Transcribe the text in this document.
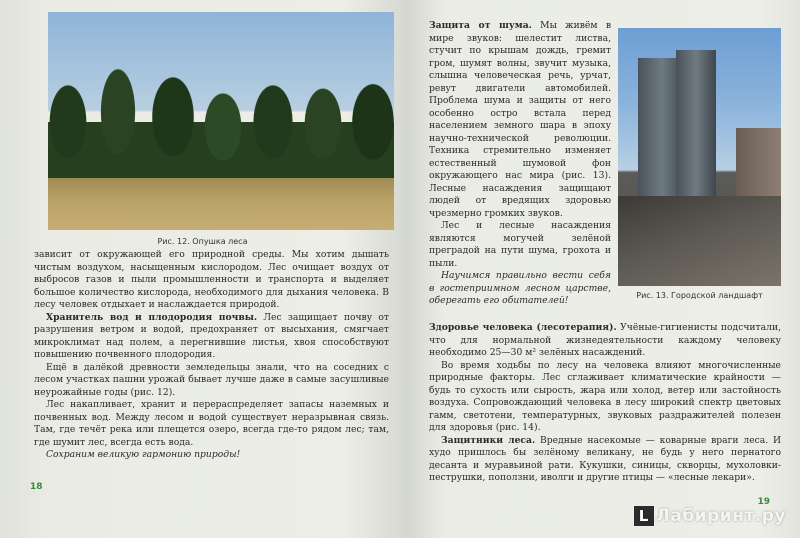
Рис. 12. Опушка леса

зависит от окружающей его природной среды. Мы хотим дышать чистым воздухом, насыщенным кислородом. Лес очищает воздух от выбросов газов и пыли промышленности и транспорта и выделяет большое количество кислорода, необходимого для дыхания человека. В лесу человек отдыхает и наслаждается природой.

Хранитель вод и плодородия почвы. Лес защищает почву от разрушения ветром и водой, предохраняет от высыхания, смягчает микроклимат над полем, а перегнившие листья, хвоя способствуют повышению почвенного плодородия.

Ещё в далёкой древности земледельцы знали, что на соседних с лесом участках пашни урожай бывает лучше даже в самые засушливые неурожайные годы (рис. 12).

Лес накапливает, хранит и перераспределяет запасы наземных и почвенных вод. Между лесом и водой существует неразрывная связь. Там, где течёт река или плещется озеро, всегда где-то рядом лес; там, где шумит лес, всегда есть вода.

Сохраним великую гармонию природы!

18

Защита от шума. Мы живём в мире звуков: шелестит листва, стучит по крышам дождь, гремит гром, шумят волны, звучит музыка, слышна человеческая речь, урчат, ревут двигатели автомобилей. Проблема шума и защиты от него особенно остро встала перед населением земного шара в эпоху научно-технической революции. Техника стремительно изменяет естественный шумовой фон окружающего нас мира (рис. 13). Лесные насаждения защищают людей от вредящих здоровью чрезмерно громких звуков.

Лес и лесные насаждения являются могучей зелёной преградой на пути шума, грохота и пыли.

Научимся правильно вести себя в гостеприимном лесном царстве, оберегать его обитателей!	Рис. 13. Городской ландшафт

Здоровье человека (лесотерапия). Учёные-гигиенисты подсчитали, что для нормальной жизнедеятельности каждому человеку необходимо 25—30 м² зелёных насаждений.

Во время ходьбы по лесу на человека влияют многочисленные природные факторы. Лес сглаживает климатические крайности — будь то сухость или сырость, жара или холод, ветер или застойность воздуха. Сопровождающий человека в лесу широкий спектр цветовых гамм, светотени, температурных, звуковых раздражителей полезен для здоровья (рис. 14).

Защитники леса. Вредные насекомые — коварные враги леса. И худо пришлось бы зелёному великану, не будь у него пернатого десанта и муравьиной рати. Кукушки, синицы, скворцы, мухоловки-пеструшки, поползни, иволги и другие птицы — «лесные лекари».

19
L Лабиринт.ру
